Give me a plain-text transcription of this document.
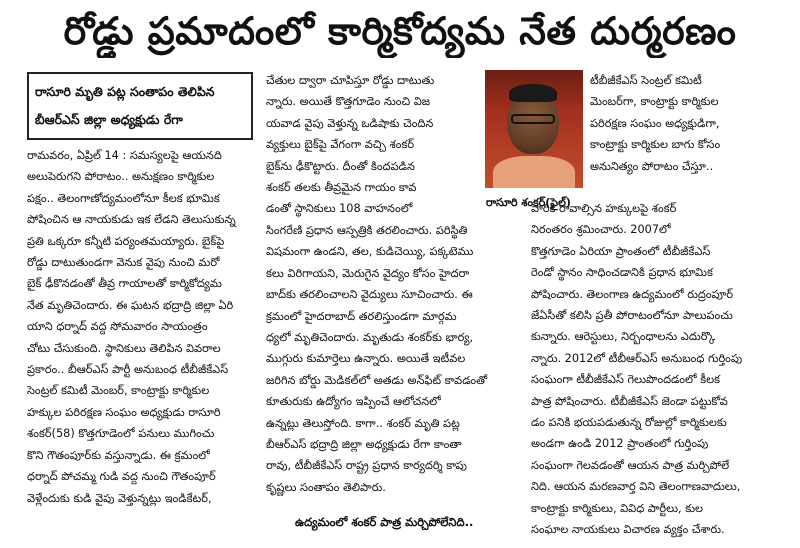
రోడ్డు ప్రమాదంలో కార్మికోద్యమ నేత దుర్మరణం
రాసూరి మృతి పట్ల సంతాపం తెలిపిన
బీఆర్ఎస్ జిల్లా అధ్యక్షుడు రేగా
రామవరం, ఏప్రిల్ 14 : సమస్యలపై ఆయనది
అలుపెరుగని పోరాటం.. అనుక్షణం కార్మికుల
పక్షం.. తెలంగాణోద్యమంలోనూ కీలక భూమిక
పోషించిన ఆ నాయకుడు ఇక లేడని తెలుసుకున్న
ప్రతి ఒక్కరూ కన్నీటి పర్యంతమయ్యారు. బైక్‌పై
రోడ్డు దాటుతుండగా వెనుక వైపు నుంచి మరో
బైక్ ఢీకొనడంతో తీవ్ర గాయాలతో కార్మికోద్యమ
నేత మృతిచెందారు. ఈ ఘటన భద్రాద్రి జిల్లా ఏరి
యాని ధర్నాద్ వద్ద సోమవారం సాయంత్రం
చోటు చేసుకుంది. స్థానికులు తెలిపిన వివరాల
ప్రకారం.. బీఆర్ఎస్ పార్టీ అనుబంధ టీబీజీకేఎస్
సెంట్రల్ కమిటీ మెంబర్, కాంట్రాక్టు కార్మికుల
హక్కుల పరిరక్షణ సంఘం అధ్యక్షుడు రాసూరి
శంకర్(58) కొత్తగూడెంలో పనులు ముగించు
కొని గౌతంపూర్‌కు వస్తున్నాడు. ఈ క్రమంలో
ధర్నాద్ పోచమ్మ గుడి వద్ద నుంచి గౌతంపూర్
వెళ్లేందుకు కుడి వైపు వెళ్తున్నట్లు ఇండికేటర్,
చేతుల ద్వారా చూపిస్తూ రోడ్డు దాటుతు
న్నారు. అయితే కొత్తగూడెం నుంచి విజ
యవాడ వైపు వెళ్తున్న ఒడిషాకు చెందిన
వ్యక్తులు బైక్‌పై వేగంగా వచ్చి శంకర్
బైక్‌ను ఢీకొట్టారు. దీంతో కిందపడిన
శంకర్ తలకు తీవ్రమైన గాయం కావ
డంతో స్థానికులు 108 వాహనంలో
సింగరేణి ప్రధాన ఆస్పత్రికి తరలించారు. పరిస్థితి
విషమంగా ఉండని, తల, కుడిచెయ్యి, పక్కటెము
కలు విరిగాయని, మెరుగైన వైద్యం కోసం హైదరా
బాద్‌కు తరలించాలని వైద్యులు సూచించారు. ఈ
క్రమంలో హైదరాబాద్ తరలిస్తుండగా మార్గమ
ధ్యలో మృతిచెందారు. మృతుడు శంకర్‌కు భార్య,
ముగ్గురు కుమార్తెలు ఉన్నారు. అయితే ఇటీవల
జరిగిన బోర్డు మెడికల్‌లో అతడు అన్‌ఫిట్ కావడంతో
కూతురుకు ఉద్యోగం ఇప్పించే ఆలోచనలో
ఉన్నట్లు తెలుస్తోంది. కాగా.. శంకర్ మృతి పట్ల
బీఆర్ఎస్ భద్రాద్రి జిల్లా అధ్యక్షుడు రేగా కాంతా
రావు, టీబీజీకేఎస్ రాష్ట్ర ప్రధాన కార్యదర్శి కాపు
కృష్ణలు సంతాపం తెలిపారు.
ఉద్యమంలో శంకర్ పాత్ర మర్చిపోలేనిది..
రాసూరి శంకర్(ఫైల్)
టీబీజీకేఎస్ సెంట్రల్ కమిటీ
మెంబర్‌గా, కాంట్రాక్టు కార్మికుల
పరిరక్షణ సంఘం అధ్యక్షుడిగా,
కాంట్రాక్టు కార్మికుల బాగు కోసం
అనునిత్యం పోరాటం చేస్తూ..
వారికి రావాల్సిన హక్కులపై శంకర్
నిరంతరం శ్రమించారు. 2007లో
కొత్తగూడెం ఏరియా ప్రాంతంలో టీబీజీకేఎస్
రెండో స్థానం సాధించడానికి ప్రధాన భూమిక
పోషించారు. తెలంగాణ ఉద్యమంలో రుద్రంపూర్
జేఏసీతో కలిసి ప్రతీ పోరాటంలోనూ పాలుపంచు
కున్నారు. ఆరెస్టులు, నిర్బంధాలను ఎదుర్కొ
న్నారు. 2012లో టీబీఆర్ఎస్ అనుబంధ గుర్తింపు
సంఘంగా టీబీజీకేఎస్ గెలుపొందడంలో కీలక
పాత్ర పోషించారు. టీబీజీకేఎస్ జెండా పట్టుకోవ
డం పనికి భయపడుతున్న రోజుల్లో కార్మికులకు
అండగా ఉండి 2012 ప్రాంతంలో గుర్తింపు
సంఘంగా గెలవడంతో ఆయన పాత్ర మర్చిపోలే
నిది. ఆయన మరణవార్త విని తెలంగాణవాదులు,
కాంట్రాక్టు కార్మికులు, వివిధ పార్టీలు, కుల
సంఘాల నాయకులు విచారణ వ్యక్తం చేశారు.
